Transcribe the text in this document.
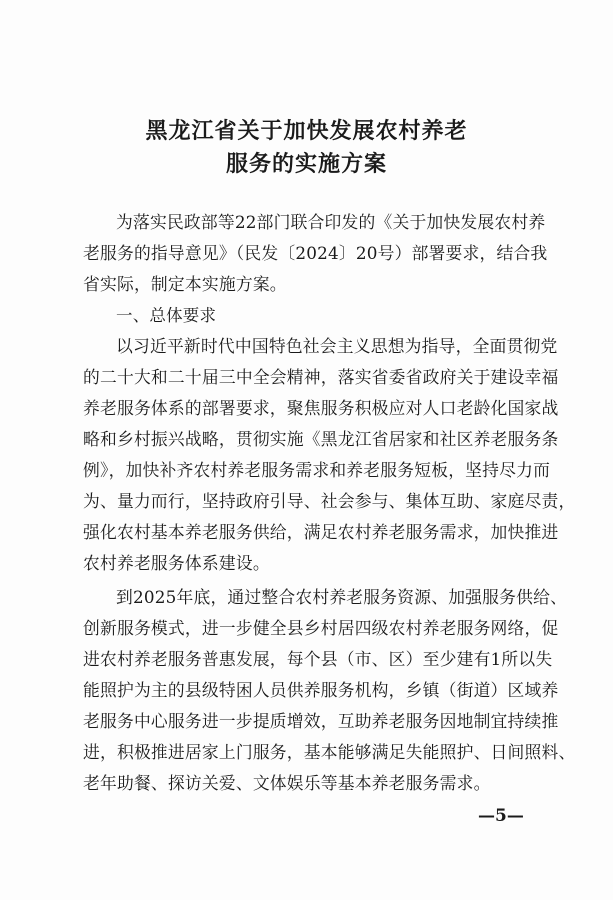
黑龙江省关于加快发展农村养老
服务的实施方案

为落实民政部等22部门联合印发的《关于加快发展农村养

老服务的指导意见》（民发〔2024〕20号）部署要求，结合我

省实际，制定本实施方案。

一、总体要求

以习近平新时代中国特色社会主义思想为指导，全面贯彻党

的二十大和二十届三中全会精神，落实省委省政府关于建设幸福

养老服务体系的部署要求，聚焦服务积极应对人口老龄化国家战

略和乡村振兴战略，贯彻实施《黑龙江省居家和社区养老服务条

例》，加快补齐农村养老服务需求和养老服务短板，坚持尽力而

为、量力而行，坚持政府引导、社会参与、集体互助、家庭尽责，

强化农村基本养老服务供给，满足农村养老服务需求，加快推进

农村养老服务体系建设。

到2025年底，通过整合农村养老服务资源、加强服务供给、

创新服务模式，进一步健全县乡村居四级农村养老服务网络，促

进农村养老服务普惠发展，每个县（市、区）至少建有1所以失

能照护为主的县级特困人员供养服务机构，乡镇（街道）区域养

老服务中心服务进一步提质增效，互助养老服务因地制宜持续推

进，积极推进居家上门服务，基本能够满足失能照护、日间照料、

老年助餐、探访关爱、文体娱乐等基本养老服务需求。

—5—
